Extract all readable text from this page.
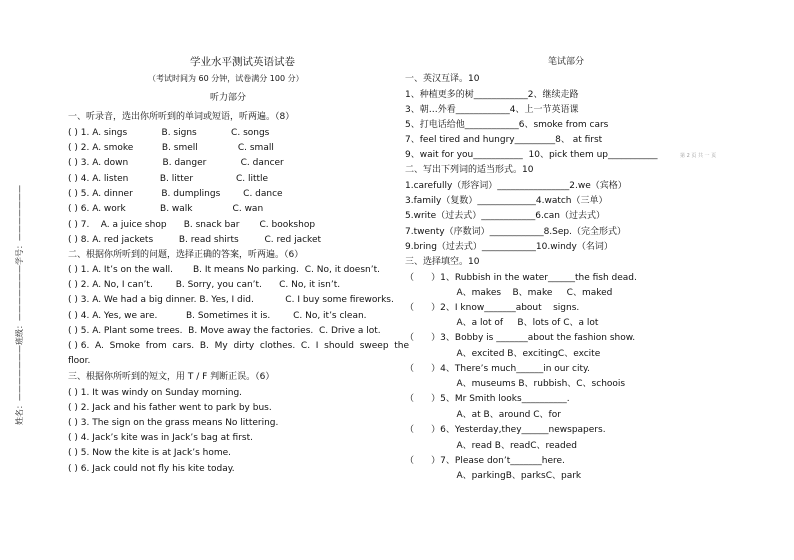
姓名：———————班级：———————学号：———————
第 2 页 共 一 页
学业水平测试英语试卷
（考试时间为 60 分钟，试卷满分 100 分）
听力部分
一、听录音，选出你所听到的单词或短语，听两遍。（8）
( ) 1. A. sings            B. signs            C. songs
( ) 2. A. smoke          B. smell              C. small
( ) 3. A. down            B. danger            C. dancer
( ) 4. A. listen           B. litter               C. little
( ) 5. A. dinner          B. dumplings        C. dance
( ) 6. A. work            B. walk              C. wan
( ) 7.    A. a juice shop      B. snack bar       C. bookshop
( ) 8. A. red jackets         B. read shirts         C. red jacket
二、根据你所听到的问题，选择正确的答案，听两遍。（6）
( ) 1. A. It’s on the wall.       B. It means No parking.  C. No, it doesn’t.
( ) 2. A. No, I can’t.        B. Sorry, you can’t.      C. No, it isn’t.
( ) 3. A. We had a big dinner. B. Yes, I did.           C. I buy some fireworks.
( ) 4. A. Yes, we are.          B. Sometimes it is.        C. No, it’s clean.
( ) 5. A. Plant some trees.  B. Move away the factories.  C. Drive a lot.
( ) 6.  A.  Smoke  from  cars.  B.  My  dirty  clothes.  C.  I  should  sweep  the
floor.
三、根据你所听到的短文，用 T / F 判断正误。（6）
( ) 1. It was windy on Sunday morning.
( ) 2. Jack and his father went to park by bus.
( ) 3. The sign on the grass means No littering.
( ) 4. Jack’s kite was in Jack’s bag at first.
( ) 5. Now the kite is at Jack’s home.
( ) 6. Jack could not fly his kite today.
笔试部分
一、英汉互译。10
1、种植更多的树____________2、继续走路
3、朝…外看____________4、上一节英语课
5、打电话给他____________6、smoke from cars
7、feel tired and hungry_________8、 at first
9、wait for you___________  10、pick them up___________
二、写出下列词的适当形式。10
1.carefully（形容词）________________2.we（宾格）
3.family（复数）_____________4.watch（三单）
5.write（过去式）____________6.can（过去式）
7.twenty（序数词）____________8.Sep.（完全形式）
9.bring（过去式）____________10.windy（名词）
三、选择填空。10
（      ）1、Rubbish in the water______the fish dead.
A、makes    B、make     C、maked
（      ）2、I know_______about    signs.
A、a lot of     B、lots of C、a lot
（      ）3、Bobby is _______about the fashion show.
A、excited B、excitingC、excite
（      ）4、There’s much______in our city.
A、museums B、rubbish、C、schoois
（      ）5、Mr Smith looks__________.
A、at B、around C、for
（      ）6、Yesterday,they______newspapers.
A、read B、readC、readed
（      ）7、Please don’t_______here.
A、parkingB、parksC、park
